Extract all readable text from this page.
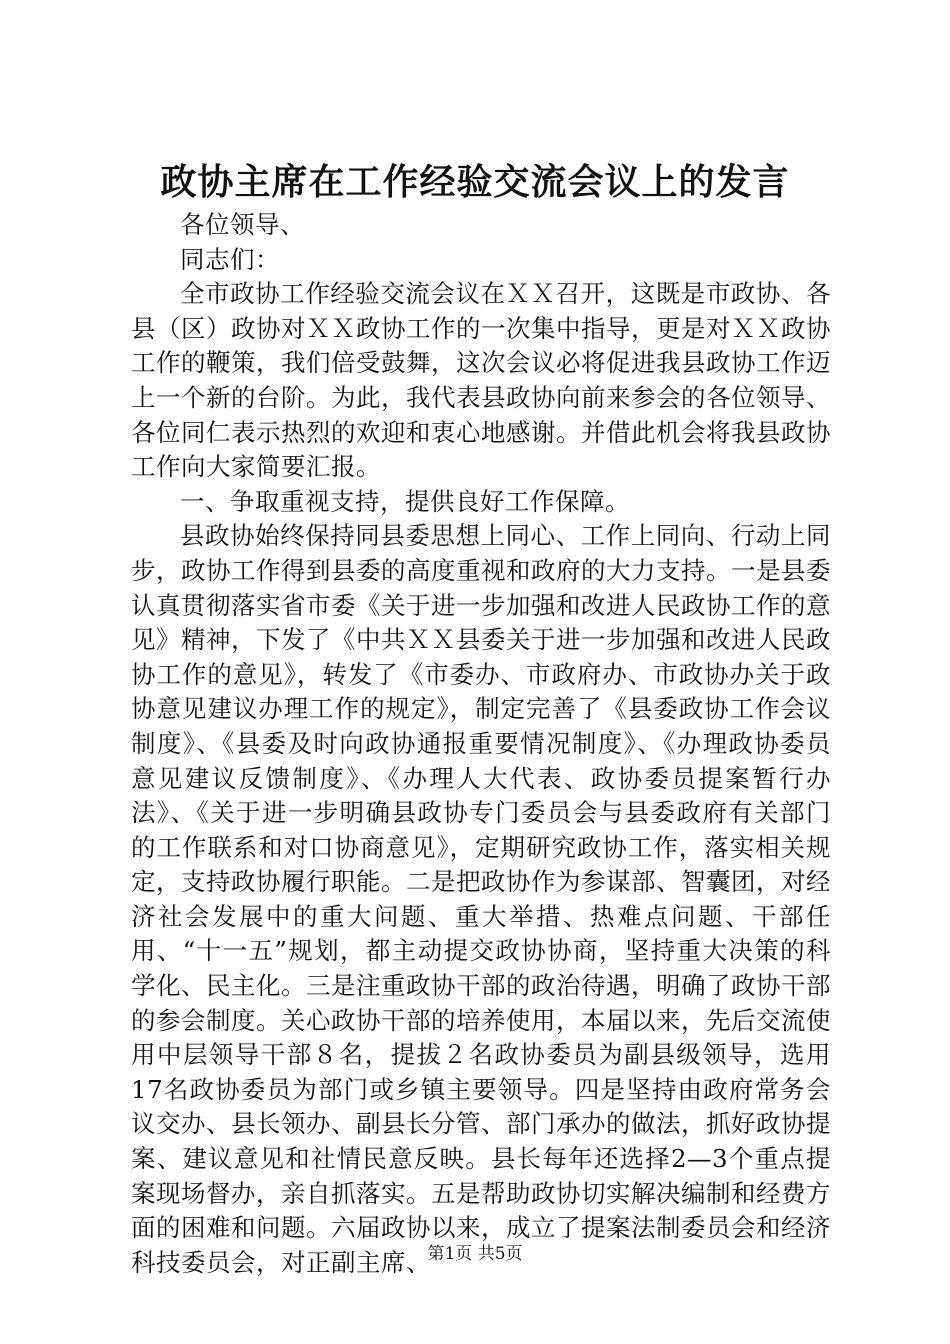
政协主席在工作经验交流会议上的发言

各位领导、

同志们：

全市政协工作经验交流会议在ＸＸ召开，这既是市政协、各县（区）政协对ＸＸ政协工作的一次集中指导，更是对ＸＸ政协工作的鞭策，我们倍受鼓舞，这次会议必将促进我县政协工作迈上一个新的台阶。为此，我代表县政协向前来参会的各位领导、各位同仁表示热烈的欢迎和衷心地感谢。并借此机会将我县政协工作向大家简要汇报。

一、争取重视支持，提供良好工作保障。

县政协始终保持同县委思想上同心、工作上同向、行动上同步，政协工作得到县委的高度重视和政府的大力支持。一是县委认真贯彻落实省市委《关于进一步加强和改进人民政协工作的意见》精神，下发了《中共ＸＸ县委关于进一步加强和改进人民政协工作的意见》，转发了《市委办、市政府办、市政协办关于政协意见建议办理工作的规定》，制定完善了《县委政协工作会议制度》、《县委及时向政协通报重要情况制度》、《办理政协委员意见建议反馈制度》、《办理人大代表、政协委员提案暂行办法》、《关于进一步明确县政协专门委员会与县委政府有关部门的工作联系和对口协商意见》，定期研究政协工作，落实相关规定，支持政协履行职能。二是把政协作为参谋部、智囊团，对经济社会发展中的重大问题、重大举措、热难点问题、干部任用、“十一五”规划，都主动提交政协协商，坚持重大决策的科学化、民主化。三是注重政协干部的政治待遇，明确了政协干部的参会制度。关心政协干部的培养使用，本届以来，先后交流使用中层领导干部８名，提拔２名政协委员为副县级领导，选用17名政协委员为部门或乡镇主要领导。四是坚持由政府常务会议交办、县长领办、副县长分管、部门承办的做法，抓好政协提案、建议意见和社情民意反映。县长每年还选择2—3个重点提案现场督办，亲自抓落实。五是帮助政协切实解决编制和经费方面的困难和问题。六届政协以来，成立了提案法制委员会和经济科技委员会，对正副主席、

第1页 共5页
